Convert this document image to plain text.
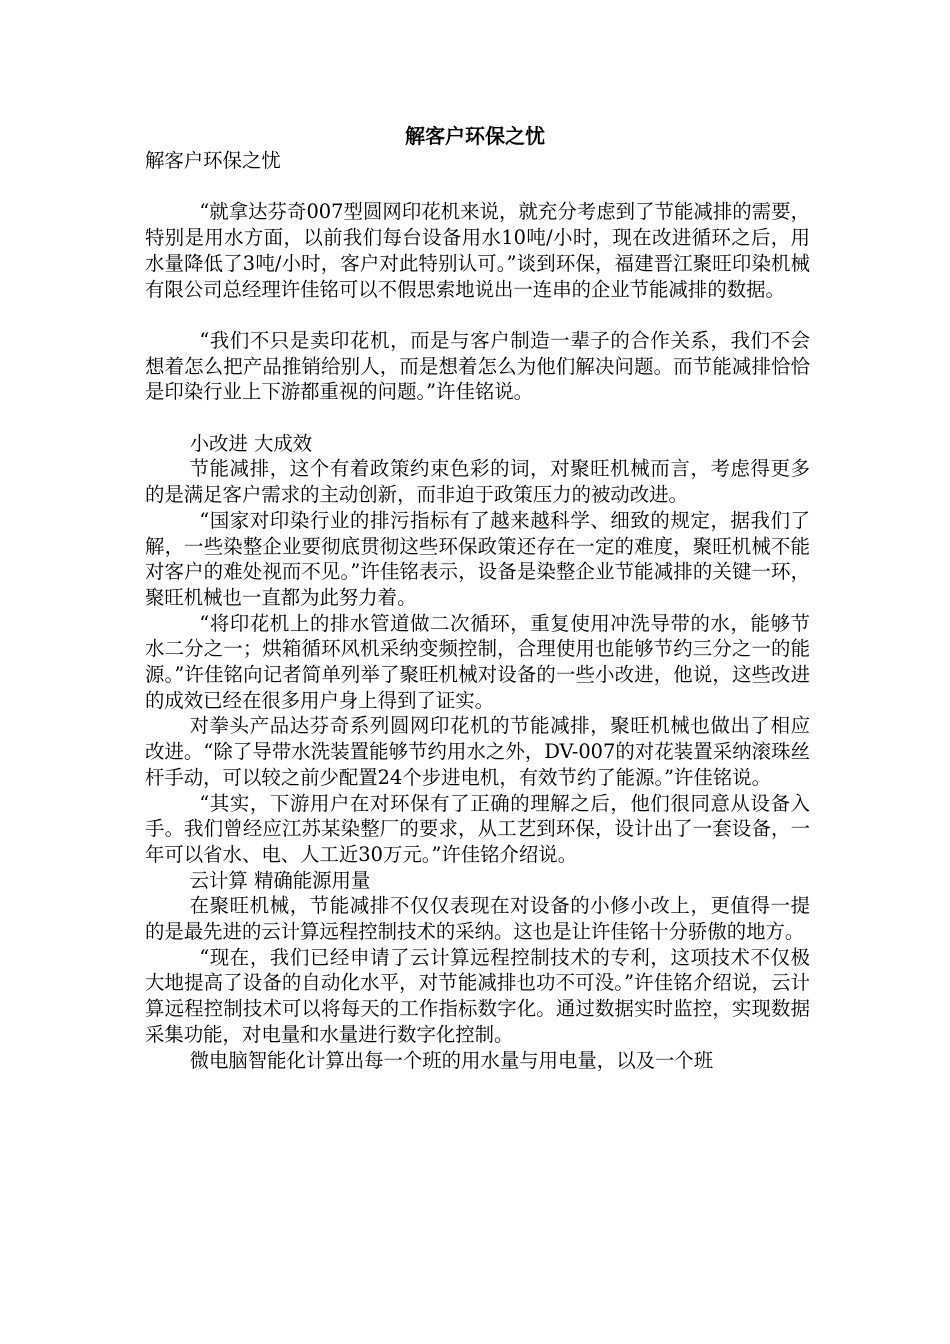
解客户环保之忧

解客户环保之忧

“就拿达芬奇007型圆网印花机来说，就充分考虑到了节能减排的需要，特别是用水方面，以前我们每台设备用水10吨/小时，现在改进循环之后，用水量降低了3吨/小时，客户对此特别认可。”谈到环保，福建晋江聚旺印染机械有限公司总经理许佳铭可以不假思索地说出一连串的企业节能减排的数据。

“我们不只是卖印花机，而是与客户制造一辈子的合作关系，我们不会想着怎么把产品推销给别人，而是想着怎么为他们解决问题。而节能减排恰恰是印染行业上下游都重视的问题。”许佳铭说。

小改进 大成效

节能减排，这个有着政策约束色彩的词，对聚旺机械而言，考虑得更多的是满足客户需求的主动创新，而非迫于政策压力的被动改进。

“国家对印染行业的排污指标有了越来越科学、细致的规定，据我们了解，一些染整企业要彻底贯彻这些环保政策还存在一定的难度，聚旺机械不能对客户的难处视而不见。”许佳铭表示，设备是染整企业节能减排的关键一环，聚旺机械也一直都为此努力着。

“将印花机上的排水管道做二次循环，重复使用冲洗导带的水，能够节水二分之一；烘箱循环风机采纳变频控制，合理使用也能够节约三分之一的能源。”许佳铭向记者简单列举了聚旺机械对设备的一些小改进，他说，这些改进的成效已经在很多用户身上得到了证实。

对拳头产品达芬奇系列圆网印花机的节能减排，聚旺机械也做出了相应改进。“除了导带水洗装置能够节约用水之外，DV-007的对花装置采纳滚珠丝杆手动，可以较之前少配置24个步进电机，有效节约了能源。”许佳铭说。

“其实，下游用户在对环保有了正确的理解之后，他们很同意从设备入手。我们曾经应江苏某染整厂的要求，从工艺到环保，设计出了一套设备，一年可以省水、电、人工近30万元。”许佳铭介绍说。

云计算 精确能源用量

在聚旺机械，节能减排不仅仅表现在对设备的小修小改上，更值得一提的是最先进的云计算远程控制技术的采纳。这也是让许佳铭十分骄傲的地方。

“现在，我们已经申请了云计算远程控制技术的专利，这项技术不仅极大地提高了设备的自动化水平，对节能减排也功不可没。”许佳铭介绍说，云计算远程控制技术可以将每天的工作指标数字化。通过数据实时监控，实现数据采集功能，对电量和水量进行数字化控制。

微电脑智能化计算出每一个班的用水量与用电量，以及一个班
